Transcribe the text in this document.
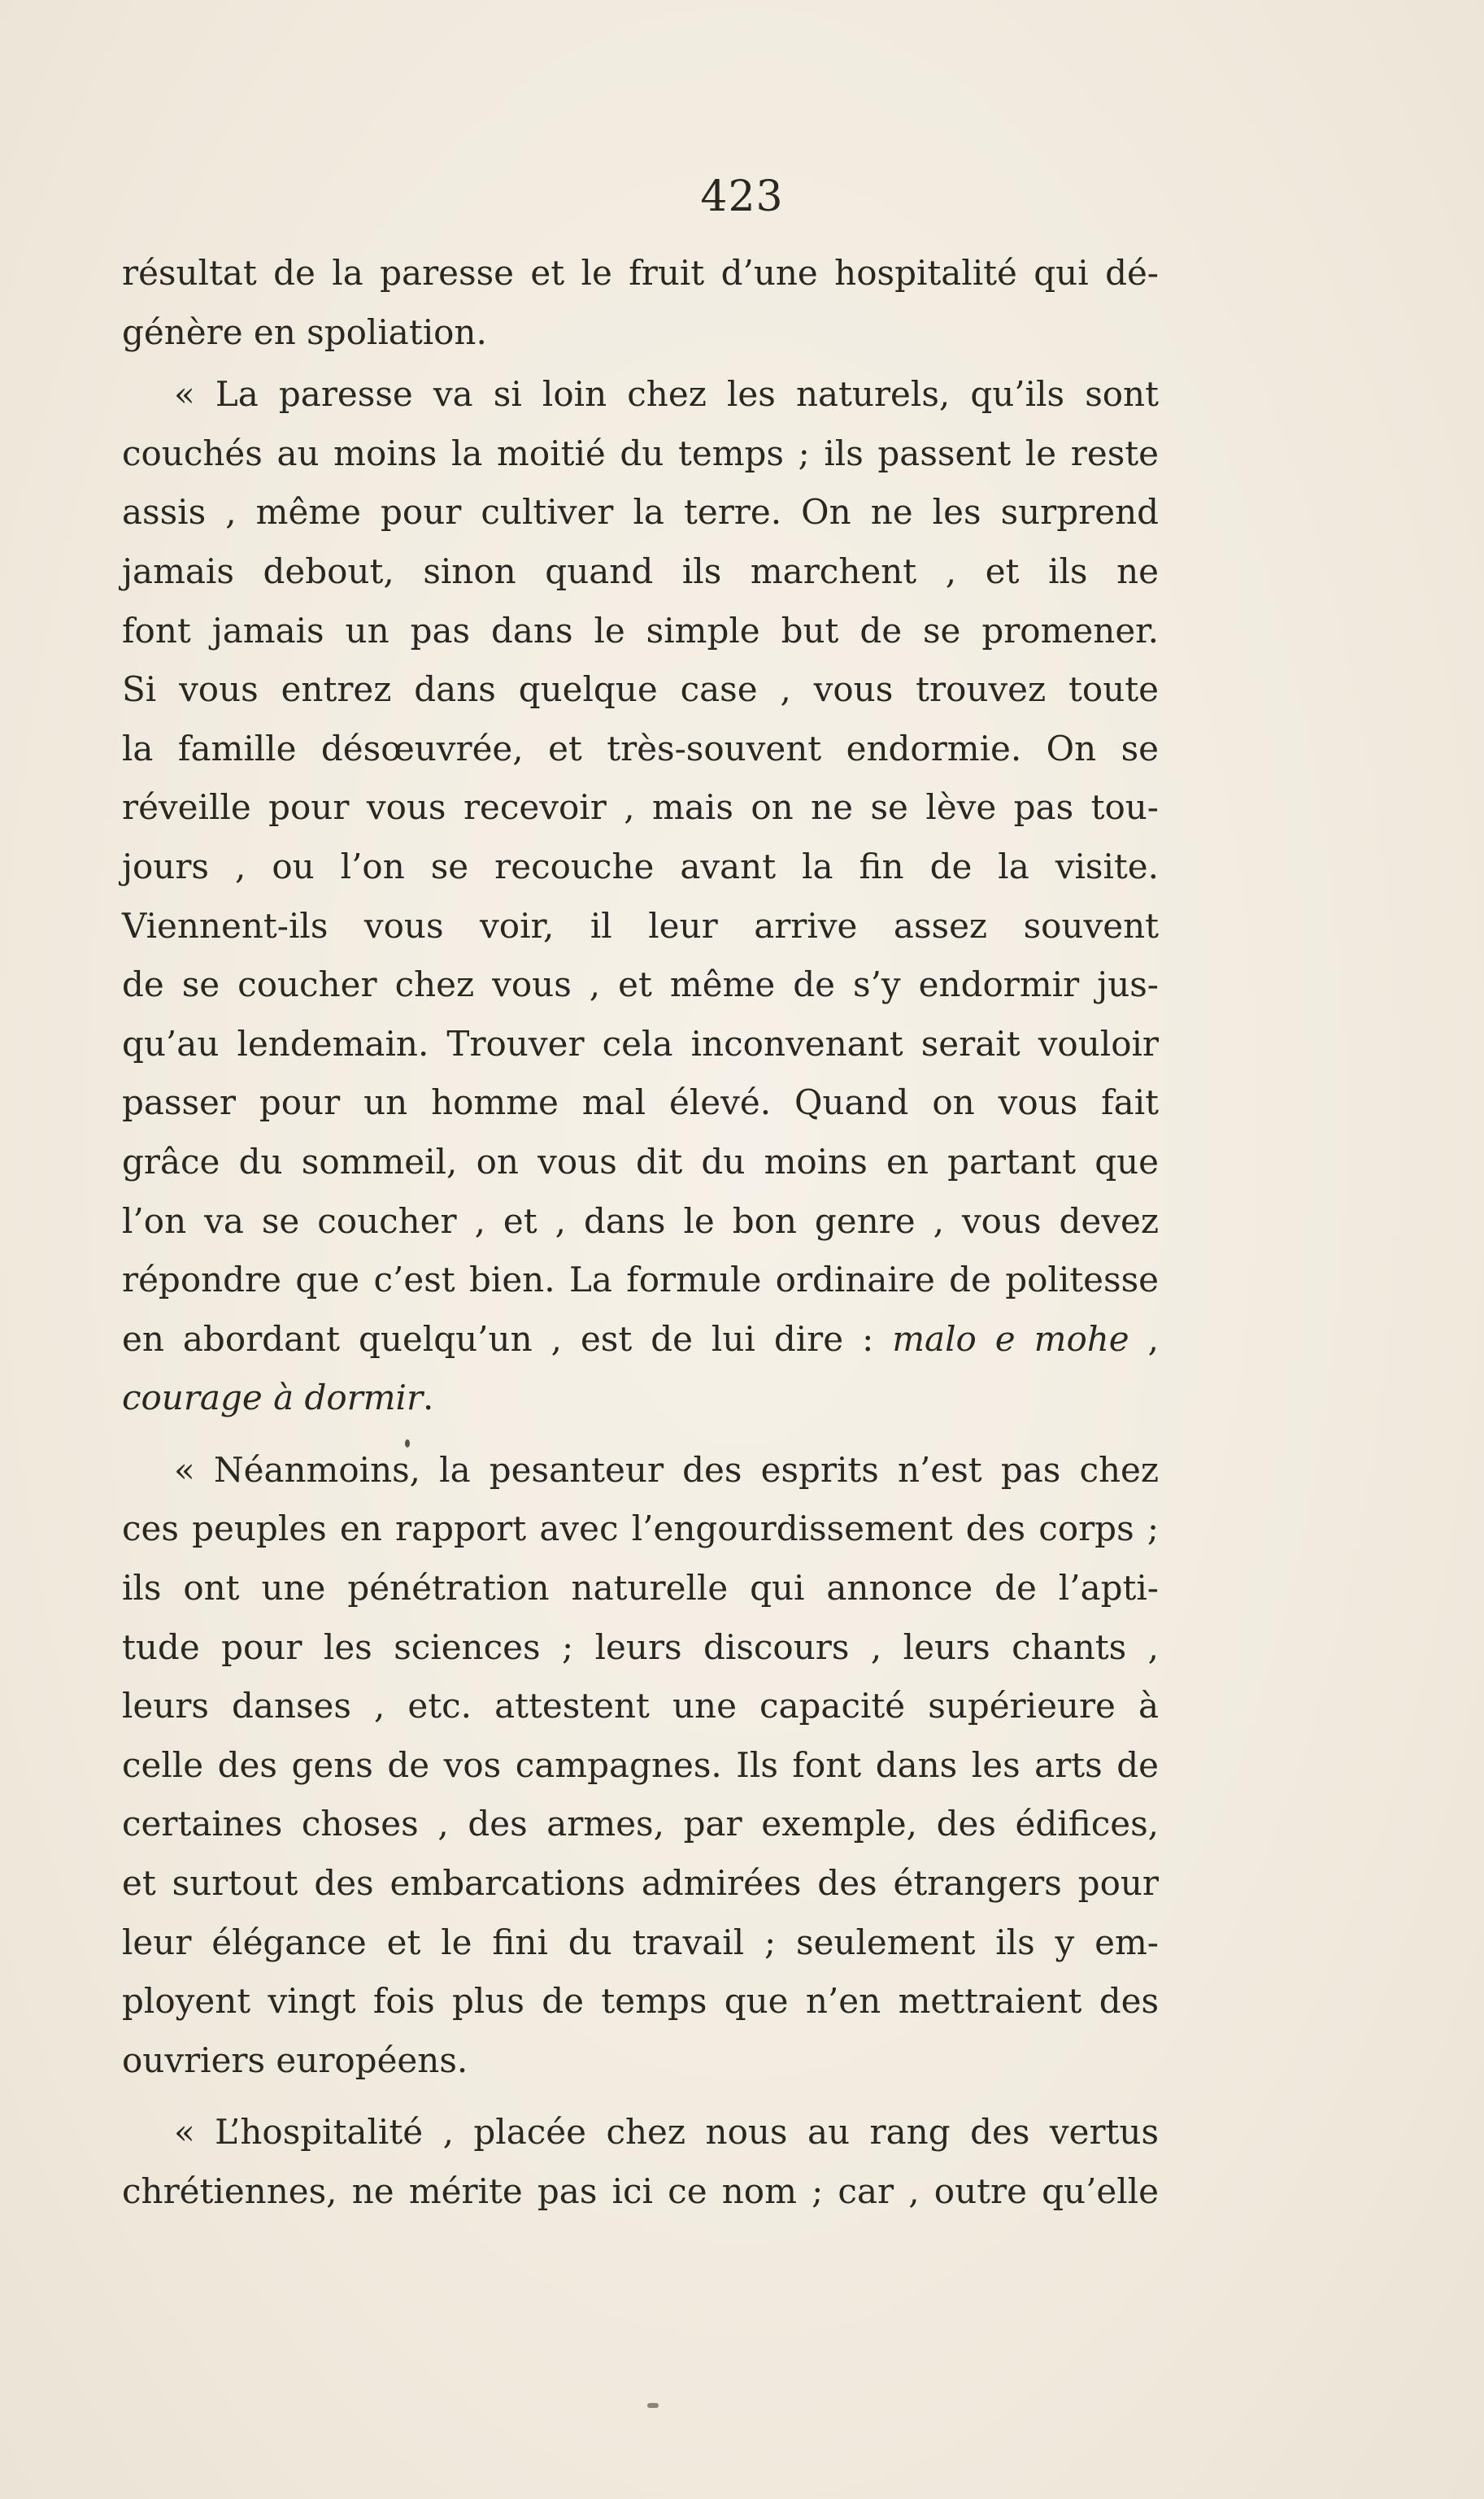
423
résultat de la paresse et le fruit d’une hospitalité qui dé-
génère en spoliation.
« La paresse va si loin chez les naturels, qu’ils sont
couchés au moins la moitié du temps ; ils passent le reste
assis , même pour cultiver la terre. On ne les surprend
jamais debout, sinon quand ils marchent , et ils ne
font jamais un pas dans le simple but de se promener.
Si vous entrez dans quelque case , vous trouvez toute
la famille désœuvrée, et très-souvent endormie. On se
réveille pour vous recevoir , mais on ne se lève pas tou-
jours , ou l’on se recouche avant la fin de la visite.
Viennent-ils vous voir, il leur arrive assez souvent
de se coucher chez vous , et même de s’y endormir jus-
qu’au lendemain. Trouver cela inconvenant serait vouloir
passer pour un homme mal élevé. Quand on vous fait
grâce du sommeil, on vous dit du moins en partant que
l’on va se coucher , et , dans le bon genre , vous devez
répondre que c’est bien. La formule ordinaire de politesse
en abordant quelqu’un , est de lui dire : malo e mohe ,
courage à dormir.
« Néanmoins, la pesanteur des esprits n’est pas chez
ces peuples en rapport avec l’engourdissement des corps ;
ils ont une pénétration naturelle qui annonce de l’apti-
tude pour les sciences ; leurs discours , leurs chants ,
leurs danses , etc. attestent une capacité supérieure à
celle des gens de vos campagnes. Ils font dans les arts de
certaines choses , des armes, par exemple, des édifices,
et surtout des embarcations admirées des étrangers pour
leur élégance et le fini du travail ; seulement ils y em-
ployent vingt fois plus de temps que n’en mettraient des
ouvriers européens.
« L’hospitalité , placée chez nous au rang des vertus
chrétiennes, ne mérite pas ici ce nom ; car , outre qu’elle
